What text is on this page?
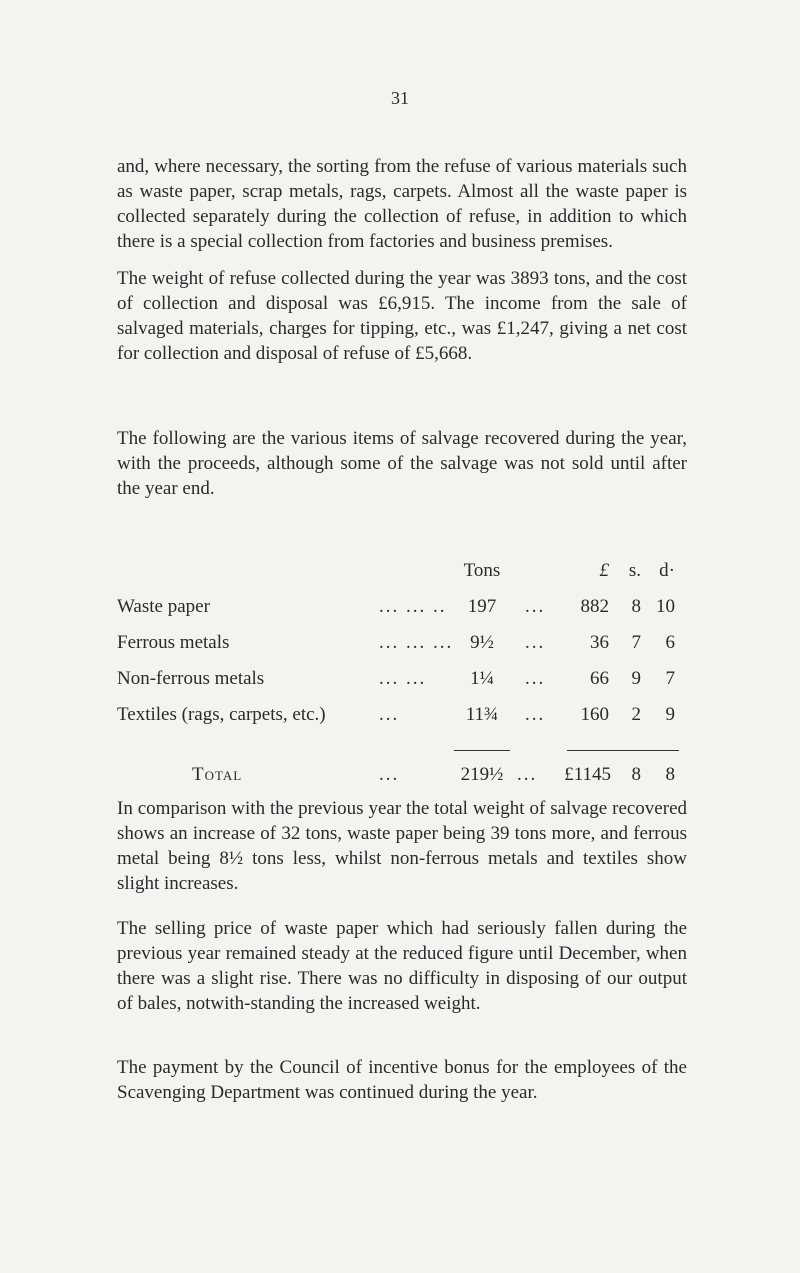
31

and, where necessary, the sorting from the refuse of various materials such as waste paper, scrap metals, rags, carpets. Almost all the waste paper is collected separately during the collection of refuse, in addition to which there is a special collection from factories and business premises.

The weight of refuse collected during the year was 3893 tons, and the cost of collection and disposal was £6,915. The income from the sale of salvaged materials, charges for tipping, etc., was £1,247, giving a net cost for collection and disposal of refuse of £5,668.

The following are the various items of salvage recovered during the year, with the proceeds, although some of the salvage was not sold until after the year end.

Tons	£	s. d·
Waste paper	... ... ..	197	...	882	8 10
Ferrous metals	... ... ... 9½	...	36	7	6
Non-ferrous metals	... ...	1¼	...	66	9	7
Textiles (rags, carpets, etc.)	...	11¾	...	160	2	9
Total	...	219½ ...	£1145	8	8

In comparison with the previous year the total weight of salvage recovered shows an increase of 32 tons, waste paper being 39 tons more, and ferrous metal being 8½ tons less, whilst non-ferrous metals and textiles show slight increases.

The selling price of waste paper which had seriously fallen during the previous year remained steady at the reduced figure until December, when there was a slight rise. There was no difficulty in disposing of our output of bales, notwith-standing the increased weight.

The payment by the Council of incentive bonus for the employees of the Scavenging Department was continued during the year.
